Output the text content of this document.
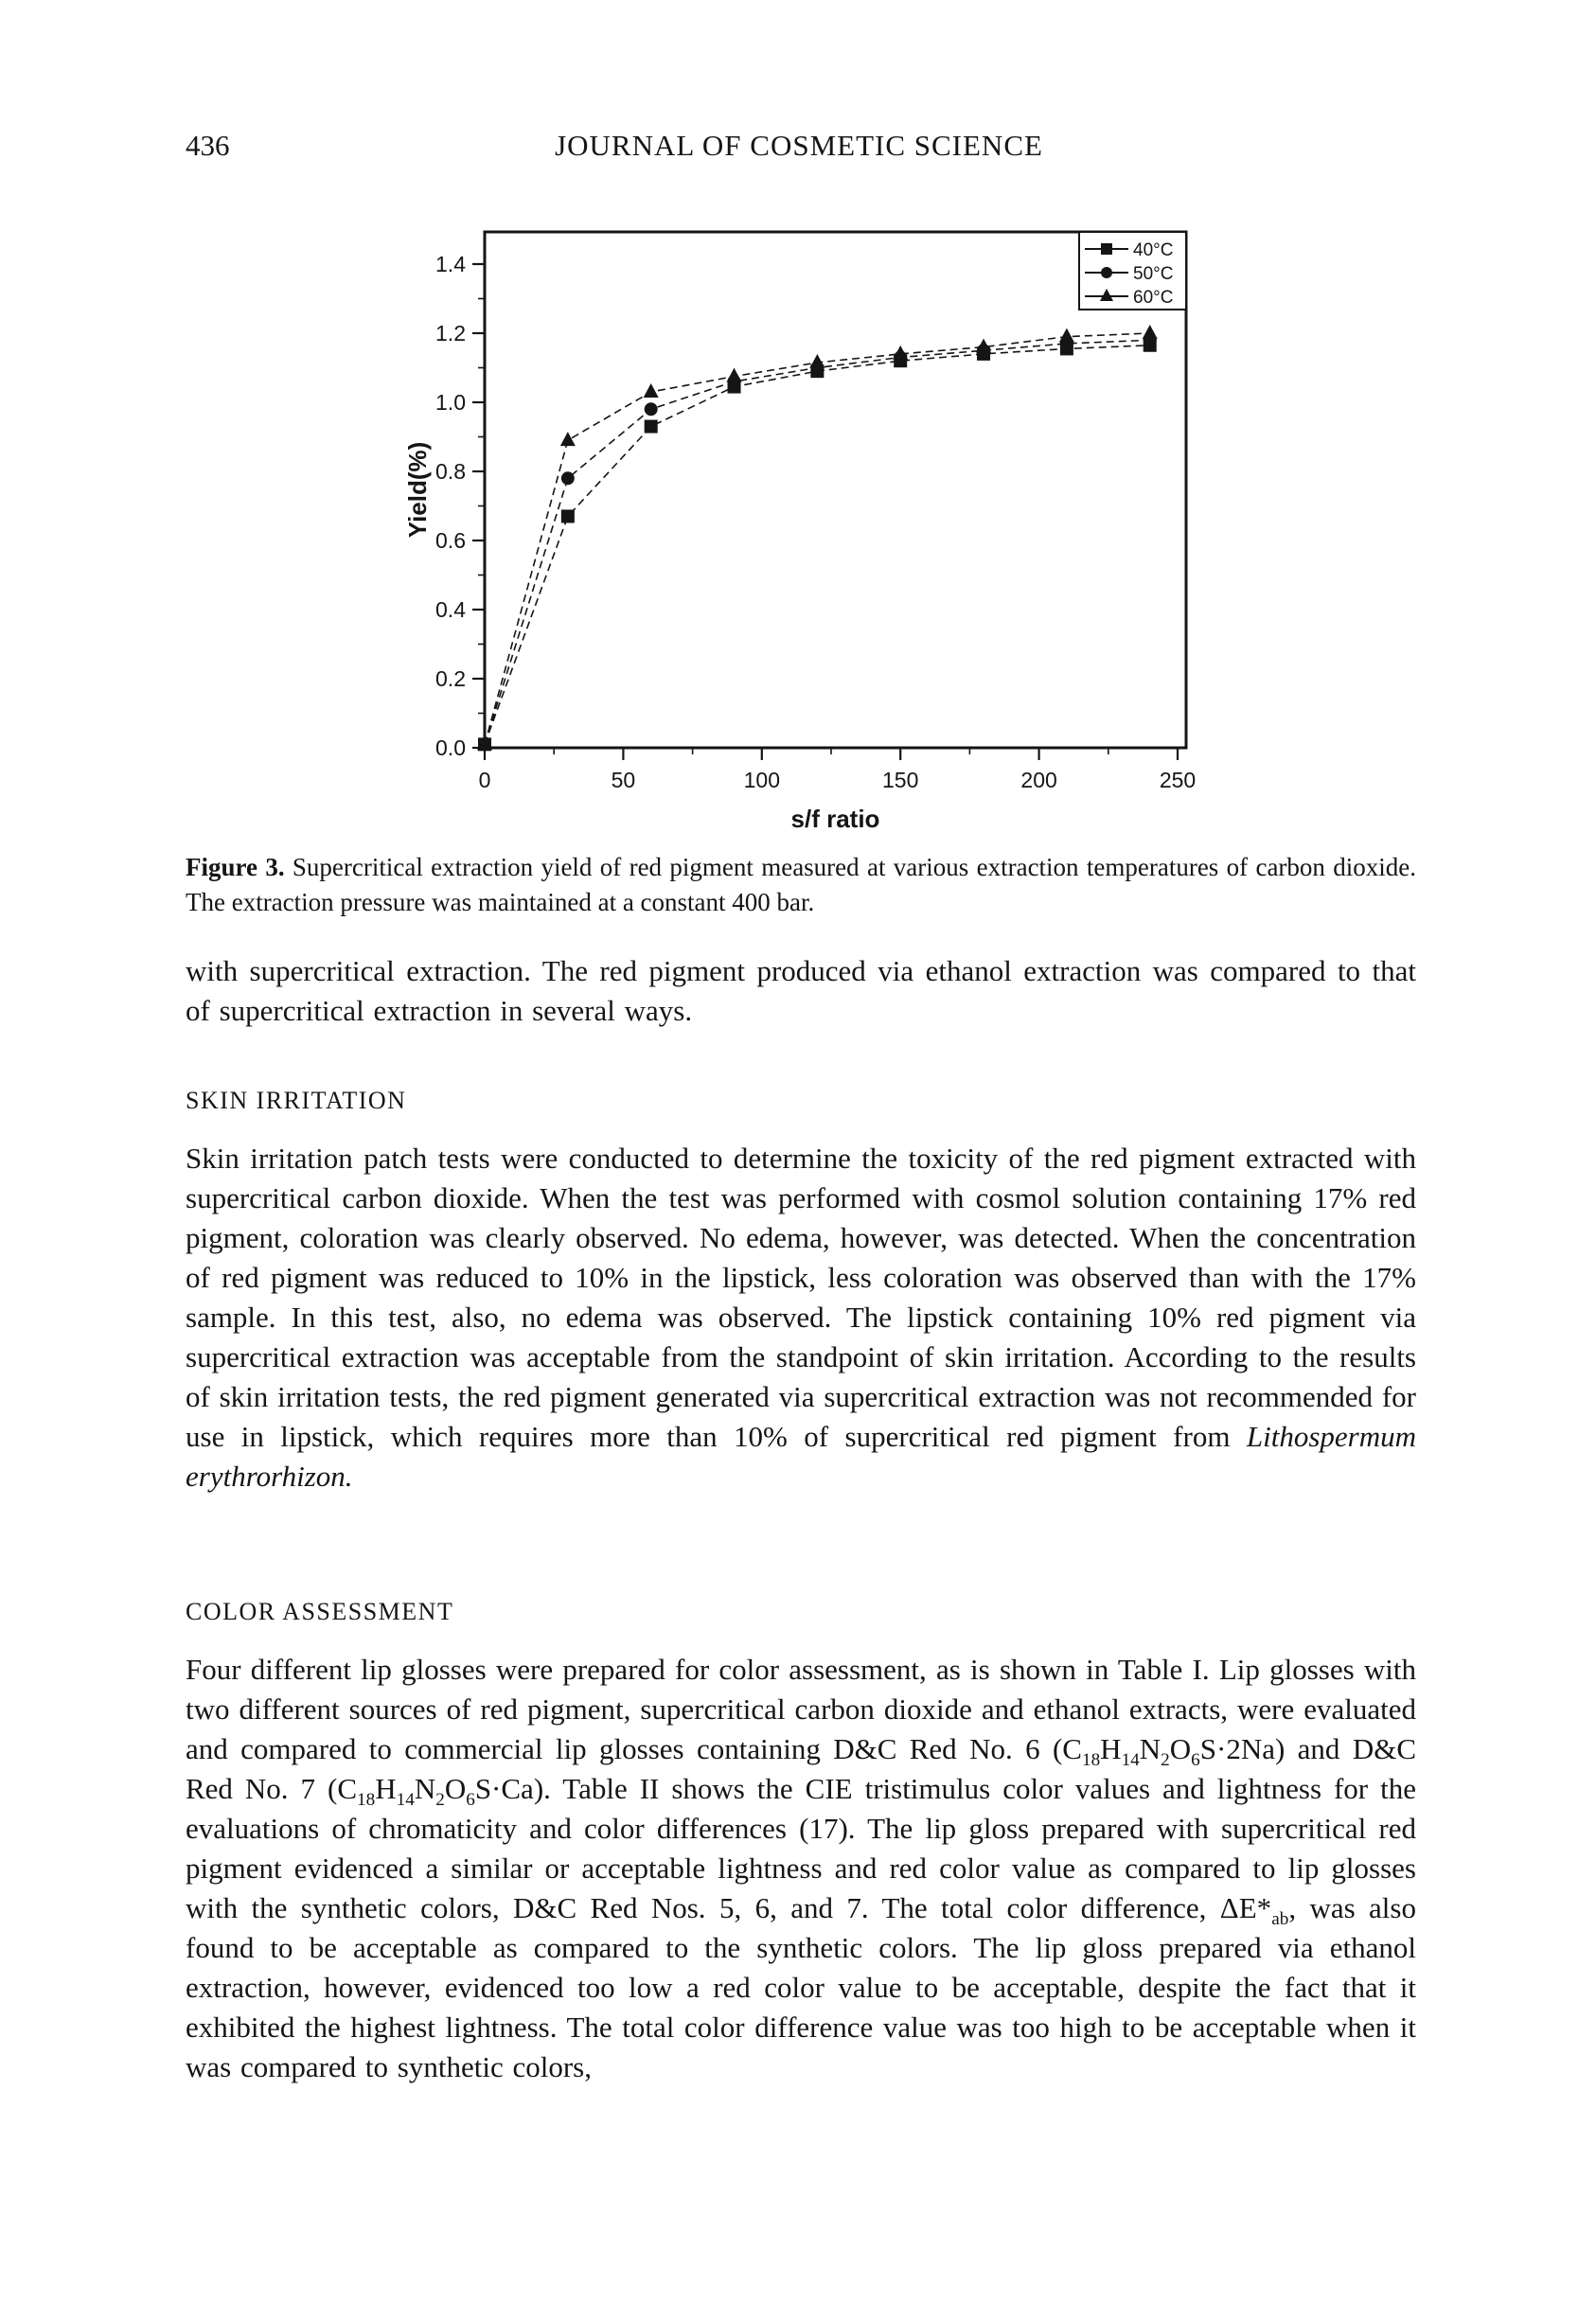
436	JOURNAL OF COSMETIC SCIENCE
0.0
0.2
0.4
0.6
0.8
1.0
1.2
1.4
0	50	100	150	200	250
s/f ratio
Yield(%)
40°C
50°C
60°C
Figure 3. Supercritical extraction yield of red pigment measured at various extraction temperatures of carbon dioxide. The extraction pressure was maintained at a constant 400 bar.

with supercritical extraction. The red pigment produced via ethanol extraction was compared to that of supercritical extraction in several ways.

SKIN IRRITATION

Skin irritation patch tests were conducted to determine the toxicity of the red pigment extracted with supercritical carbon dioxide. When the test was performed with cosmol solution containing 17% red pigment, coloration was clearly observed. No edema, however, was detected. When the concentration of red pigment was reduced to 10% in the lipstick, less coloration was observed than with the 17% sample. In this test, also, no edema was observed. The lipstick containing 10% red pigment via supercritical extraction was acceptable from the standpoint of skin irritation. According to the results of skin irritation tests, the red pigment generated via supercritical extraction was not recommended for use in lipstick, which requires more than 10% of supercritical red pigment from Lithospermum erythrorhizon.

COLOR ASSESSMENT

Four different lip glosses were prepared for color assessment, as is shown in Table I. Lip glosses with two different sources of red pigment, supercritical carbon dioxide and ethanol extracts, were evaluated and compared to commercial lip glosses containing D&C Red No. 6 $(C_{18}H_{14}N_2O_6S\cdot 2Na)$ and D&C Red No. 7 $(C_{18}H_{14}N_2O_6S\cdot Ca)$. Table II shows the CIE tristimulus color values and lightness for the evaluations of chromaticity and color differences (17). The lip gloss prepared with supercritical red pigment evidenced a similar or acceptable lightness and red color value as compared to lip glosses with the synthetic colors, D&C Red Nos. 5, 6, and 7. The total color difference, $\Delta E*_{ab}$, was also found to be acceptable as compared to the synthetic colors. The lip gloss prepared via ethanol extraction, however, evidenced too low a red color value to be acceptable, despite the fact that it exhibited the highest lightness. The total color difference value was too high to be acceptable when it was compared to synthetic colors,
